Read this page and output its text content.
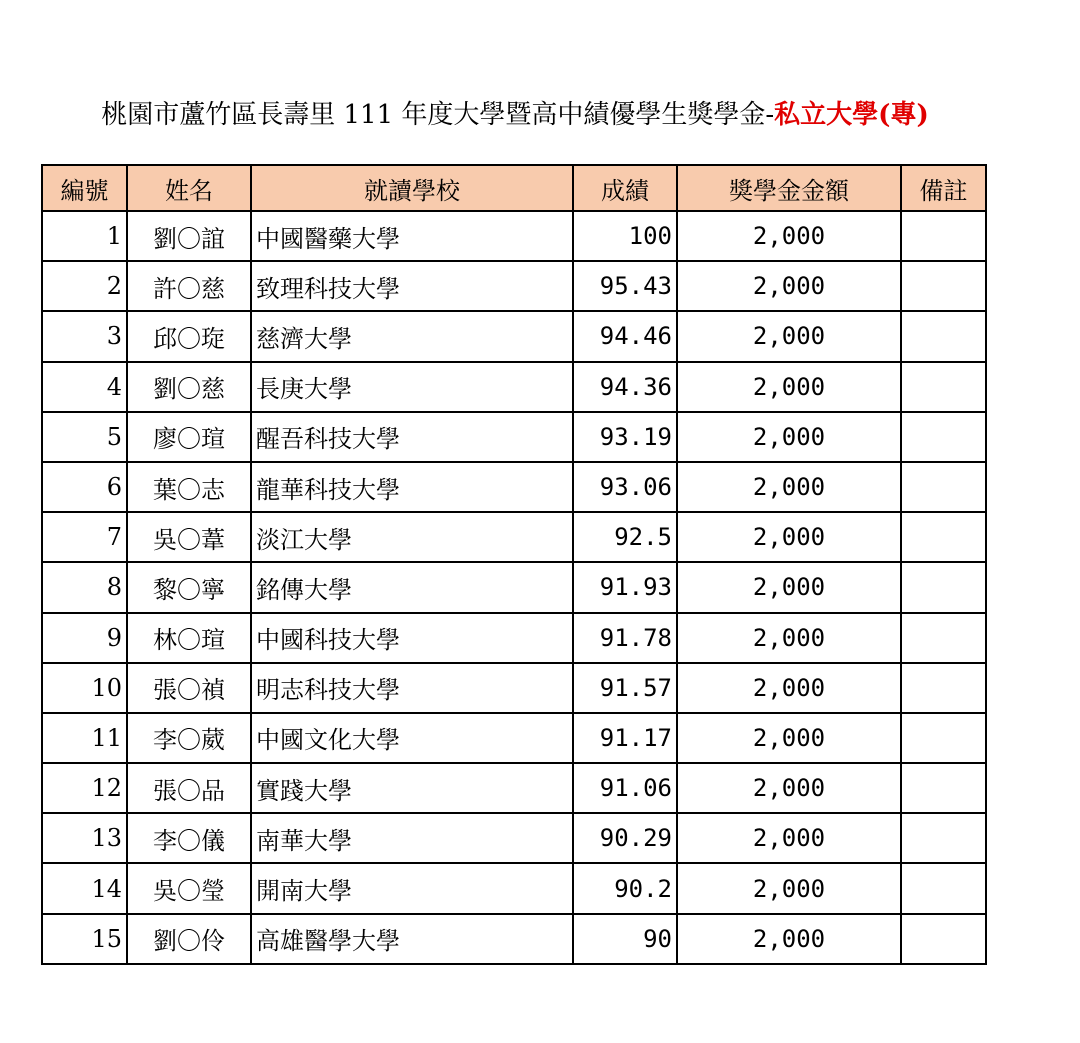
桃園市蘆竹區長壽里 111 年度大學暨高中績優學生獎學金-私立大學(專)
編號	姓名	就讀學校	成績	獎學金金額	備註
1	劉〇誼	中國醫藥大學	100	2,000	
2	許〇慈	致理科技大學	95.43	2,000	
3	邱〇琁	慈濟大學	94.46	2,000	
4	劉〇慈	長庚大學	94.36	2,000	
5	廖〇瑄	醒吾科技大學	93.19	2,000	
6	葉〇志	龍華科技大學	93.06	2,000	
7	吳〇葦	淡江大學	92.5	2,000	
8	黎〇寧	銘傳大學	91.93	2,000	
9	林〇瑄	中國科技大學	91.78	2,000	
10	張〇禎	明志科技大學	91.57	2,000	
11	李〇葳	中國文化大學	91.17	2,000	
12	張〇品	實踐大學	91.06	2,000	
13	李〇儀	南華大學	90.29	2,000	
14	吳〇瑩	開南大學	90.2	2,000	
15	劉〇伶	高雄醫學大學	90	2,000	
